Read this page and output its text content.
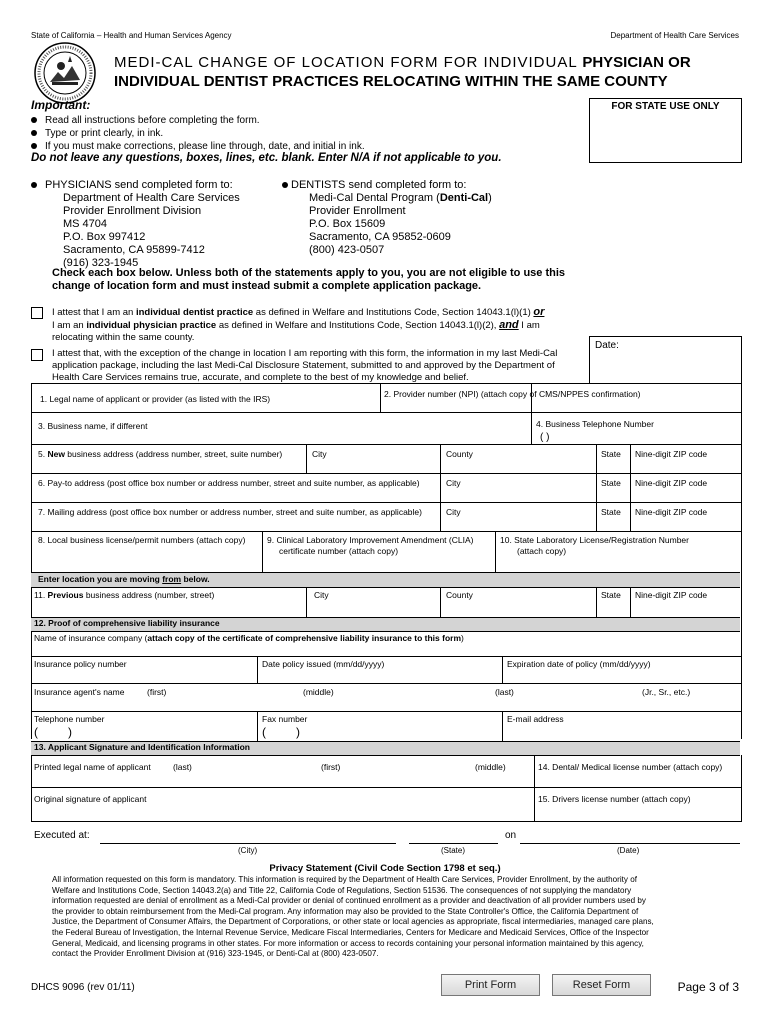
State of California – Health and Human Services Agency	Department of Health Care Services
MEDI-CAL CHANGE OF LOCATION FORM FOR INDIVIDUAL PHYSICIAN OR
INDIVIDUAL DENTIST PRACTICES RELOCATING WITHIN THE SAME COUNTY
FOR STATE USE ONLY
Important:
Read all instructions before completing the form.
Type or print clearly, in ink.
If you must make corrections, please line through, date, and initial in ink.
Do not leave any questions, boxes, lines, etc. blank. Enter N/A if not applicable to you.
PHYSICIANS send completed form to:
Department of Health Care Services
Provider Enrollment Division
MS 4704
P.O. Box 997412
Sacramento, CA 95899-7412
(916) 323-1945
DENTISTS send completed form to:
Medi-Cal Dental Program (Denti-Cal)
Provider Enrollment
P.O. Box 15609
Sacramento, CA 95852-0609
(800) 423-0507
Check each box below. Unless both of the statements apply to you, you are not eligible to use this
change of location form and must instead submit a complete application package.
I attest that I am an individual dentist practice as defined in Welfare and Institutions Code, Section 14043.1(l)(1) or
I am an individual physician practice as defined in Welfare and Institutions Code, Section 14043.1(l)(2), and I am
relocating within the same county.
I attest that, with the exception of the change in location I am reporting with this form, the information in my last Medi-Cal
application package, including the last Medi-Cal Disclosure Statement, submitted to and approved by the Department of
Health Care Services remains true, accurate, and complete to the best of my knowledge and belief.
Date:
1. Legal name of applicant or provider (as listed with the IRS)	2. Provider number (NPI) (attach copy of CMS/NPPES confirmation)
3. Business name, if different	4. Business Telephone Number
( )
5. New business address (address number, street, suite number)	City	County	State Nine-digit ZIP code
6. Pay-to address (post office box number or address number, street and suite number, as applicable)	City	State Nine-digit ZIP code
7. Mailing address (post office box number or address number, street and suite number, as applicable)	City	State Nine-digit ZIP code
8. Local business license/permit numbers (attach copy)	9. Clinical Laboratory Improvement Amendment (CLIA)
certificate number (attach copy)
10. State Laboratory License/Registration Number
(attach copy)
Enter location you are moving from below.
11. Previous business address (number, street)	City	County	State Nine-digit ZIP code
12. Proof of comprehensive liability insurance
Name of insurance company (attach copy of the certificate of comprehensive liability insurance to this form)
Insurance policy number	Date policy issued (mm/dd/yyyy)	Expiration date of policy (mm/dd/yyyy)
Insurance agent's name	(first)	(middle)	(last)	(Jr., Sr., etc.)
Telephone number	Fax number	E-mail address
(	)	(	)
13. Applicant Signature and Identification Information
Printed legal name of applicant	(last)	(first)	(middle)	14. Dental/ Medical license number (attach copy)
Original signature of applicant	15. Drivers license number (attach copy)
Executed at:	on
(City)	(State)	(Date)
Privacy Statement (Civil Code Section 1798 et seq.)
All information requested on this form is mandatory. This information is required by the Department of Health Care Services, Provider Enrollment, by the authority of
Welfare and Institutions Code, Section 14043.2(a) and Title 22, California Code of Regulations, Section 51536. The consequences of not supplying the mandatory
information requested are denial of enrollment as a Medi-Cal provider or denial of continued enrollment as a provider and deactivation of all provider numbers used by
the provider to obtain reimbursement from the Medi-Cal program. Any information may also be provided to the State Controller's Office, the California Department of
Justice, the Department of Consumer Affairs, the Department of Corporations, or other state or local agencies as appropriate, fiscal intermediaries, managed care plans,
the Federal Bureau of Investigation, the Internal Revenue Service, Medicare Fiscal Intermediaries, Centers for Medicare and Medicaid Services, Office of the Inspector
General, Medicaid, and licensing programs in other states. For more information or access to records containing your personal information maintained by this agency,
contact the Provider Enrollment Division at (916) 323-1945, or Denti-Cal at (800) 423-0507.
DHCS 9096 (rev 01/11)	Print Form	Reset Form	Page 3 of 3
